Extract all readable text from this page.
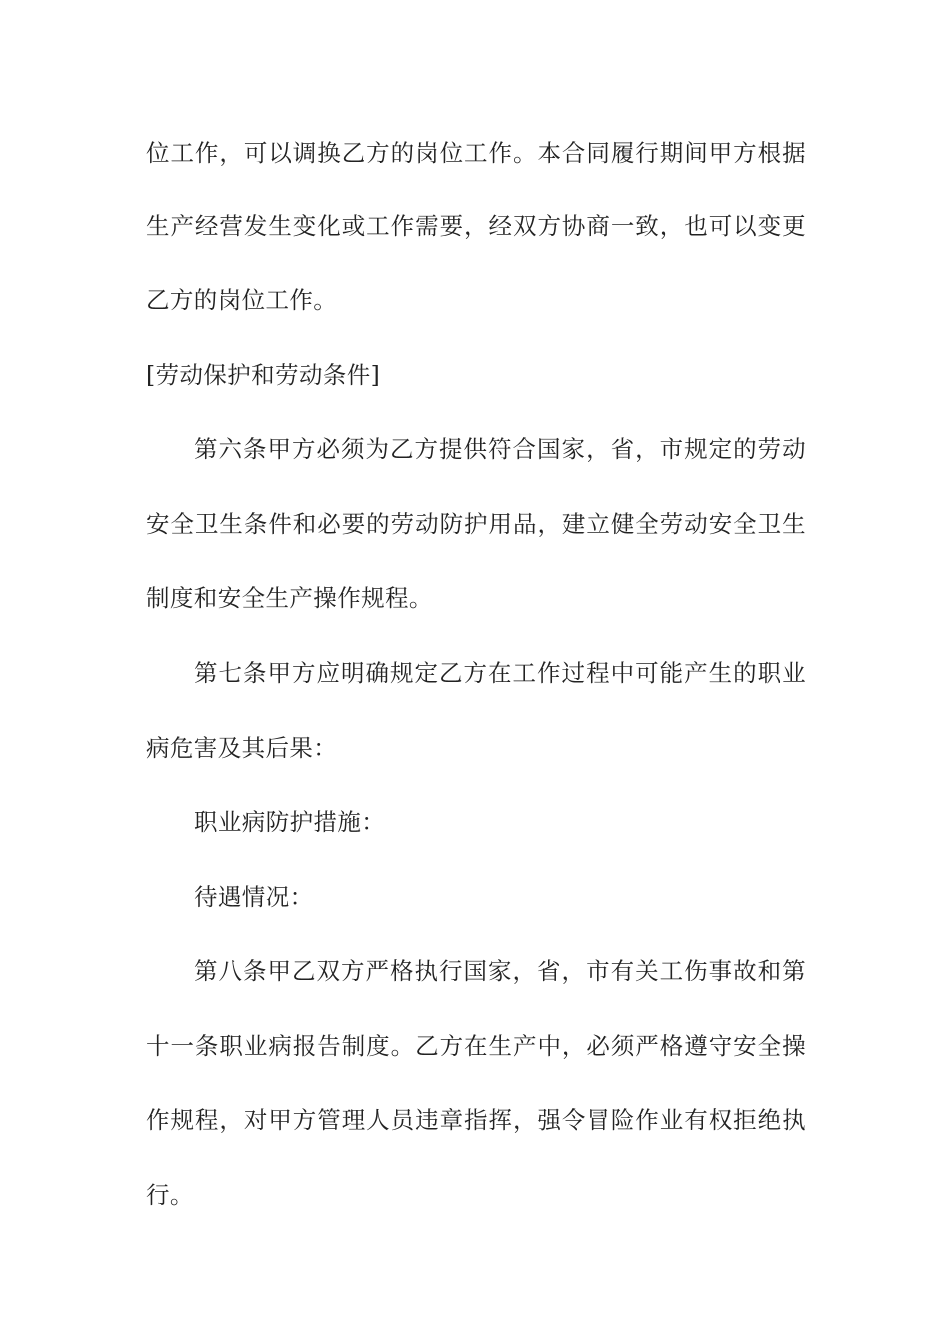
位工作，可以调换乙方的岗位工作。本合同履行期间甲方根据
生产经营发生变化或工作需要，经双方协商一致，也可以变更
乙方的岗位工作。
[劳动保护和劳动条件]
第六条甲方必须为乙方提供符合国家，省，市规定的劳动
安全卫生条件和必要的劳动防护用品，建立健全劳动安全卫生
制度和安全生产操作规程。
第七条甲方应明确规定乙方在工作过程中可能产生的职业
病危害及其后果：
职业病防护措施：
待遇情况：
第八条甲乙双方严格执行国家，省，市有关工伤事故和第
十一条职业病报告制度。乙方在生产中，必须严格遵守安全操
作规程，对甲方管理人员违章指挥，强令冒险作业有权拒绝执
行。
